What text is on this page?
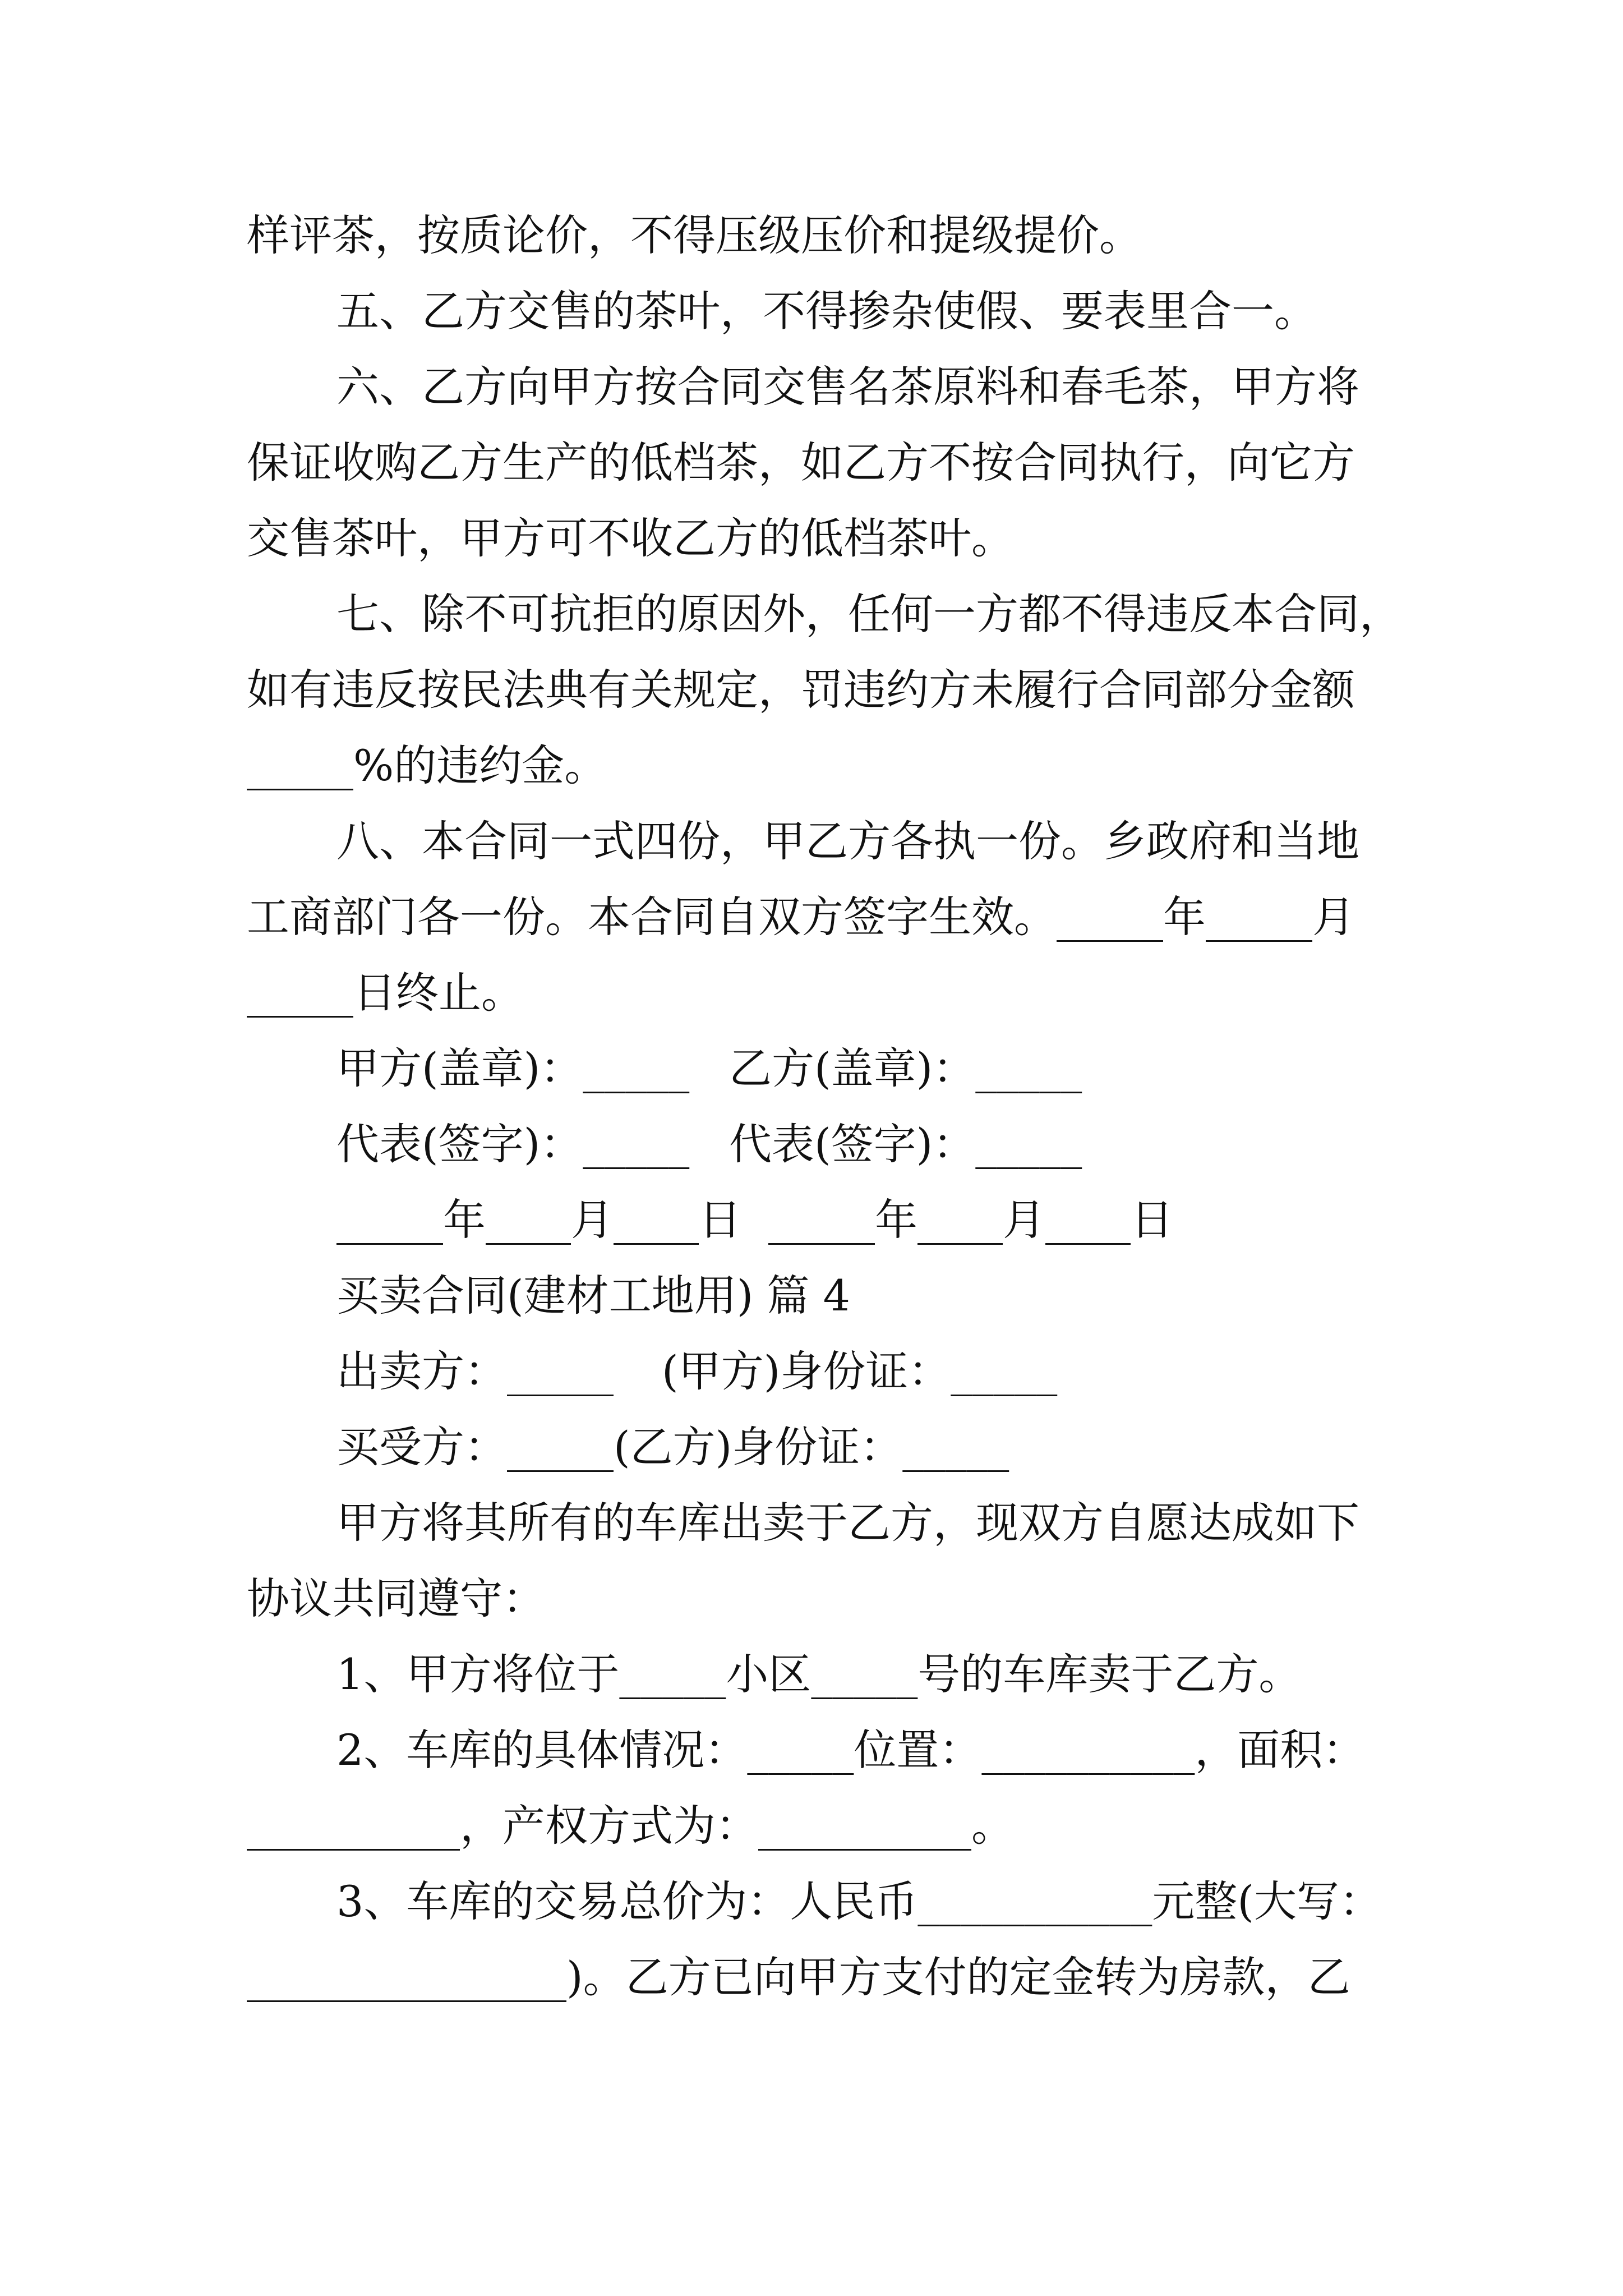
样评茶，按质论价，不得压级压价和提级提价。

五、乙方交售的茶叶，不得掺杂使假、要表里合一。

六、乙方向甲方按合同交售名茶原料和春毛茶，甲方将

保证收购乙方生产的低档茶，如乙方不按合同执行，向它方

交售茶叶，甲方可不收乙方的低档茶叶。

七、除不可抗拒的原因外，任何一方都不得违反本合同，

如有违反按民法典有关规定，罚违约方未履行合同部分金额

_____%的违约金。

八、本合同一式四份，甲乙方各执一份。乡政府和当地

工商部门各一份。本合同自双方签字生效。_____年_____月

_____日终止。

甲方(盖章)：_____

乙方(盖章)：_____

代表(签字)：_____

代表(签字)：_____

_____年____月____日

_____年____月____日

买卖合同(建材工地用) 篇 4

出卖方：_____

(甲方)身份证：_____

买受方：_____(乙方)身份证：_____

甲方将其所有的车库出卖于乙方，现双方自愿达成如下

协议共同遵守：

1、甲方将位于_____小区_____号的车库卖于乙方。

2、车库的具体情况：_____位置：__________，面积：

__________，产权方式为：__________。

3、车库的交易总价为：人民币___________元整(大写：

_______________)。乙方已向甲方支付的定金转为房款，乙
